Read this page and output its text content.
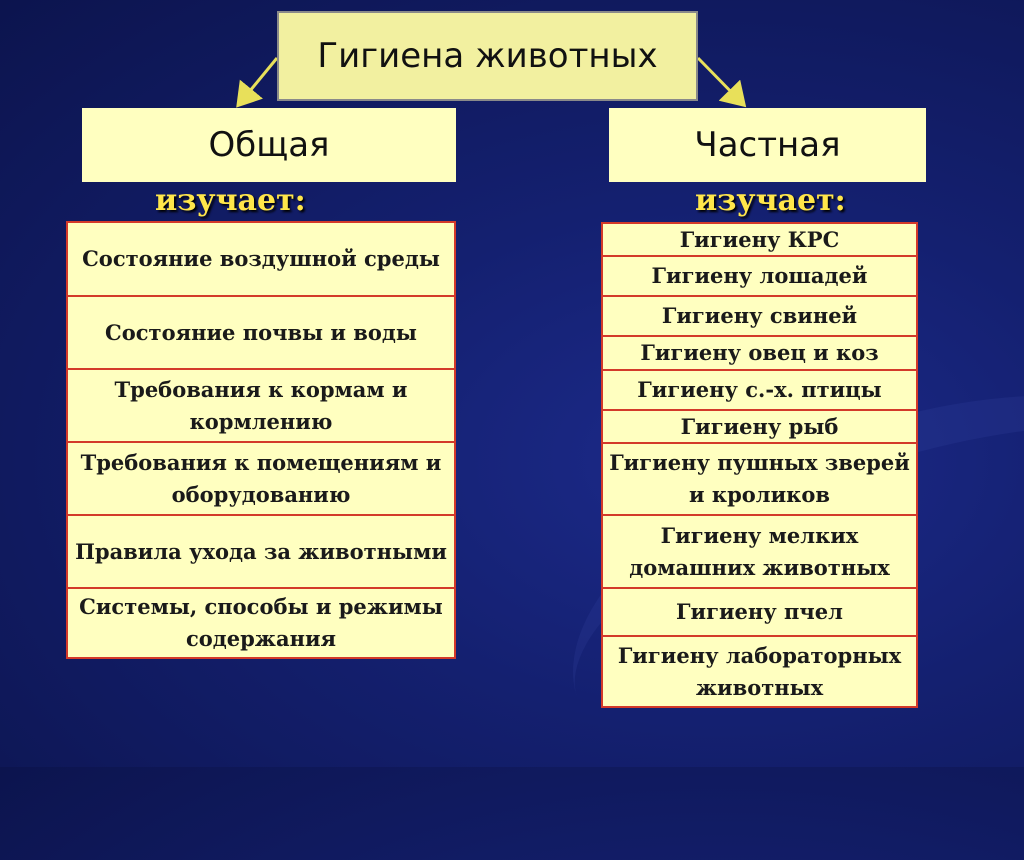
Гигиена животных
Общая	Частная
изучает:	изучает:
Состояние воздушной среды
Состояние почвы и воды
Требования к кормам и кормлению
Требования к помещениям и оборудованию
Правила ухода за животными
Системы, способы и режимы содержания
Гигиену КРС
Гигиену лошадей
Гигиену свиней
Гигиену овец и коз
Гигиену с.-х. птицы
Гигиену рыб
Гигиену пушных зверей и кроликов
Гигиену мелких домашних животных
Гигиену пчел
Гигиену лабораторных животных
